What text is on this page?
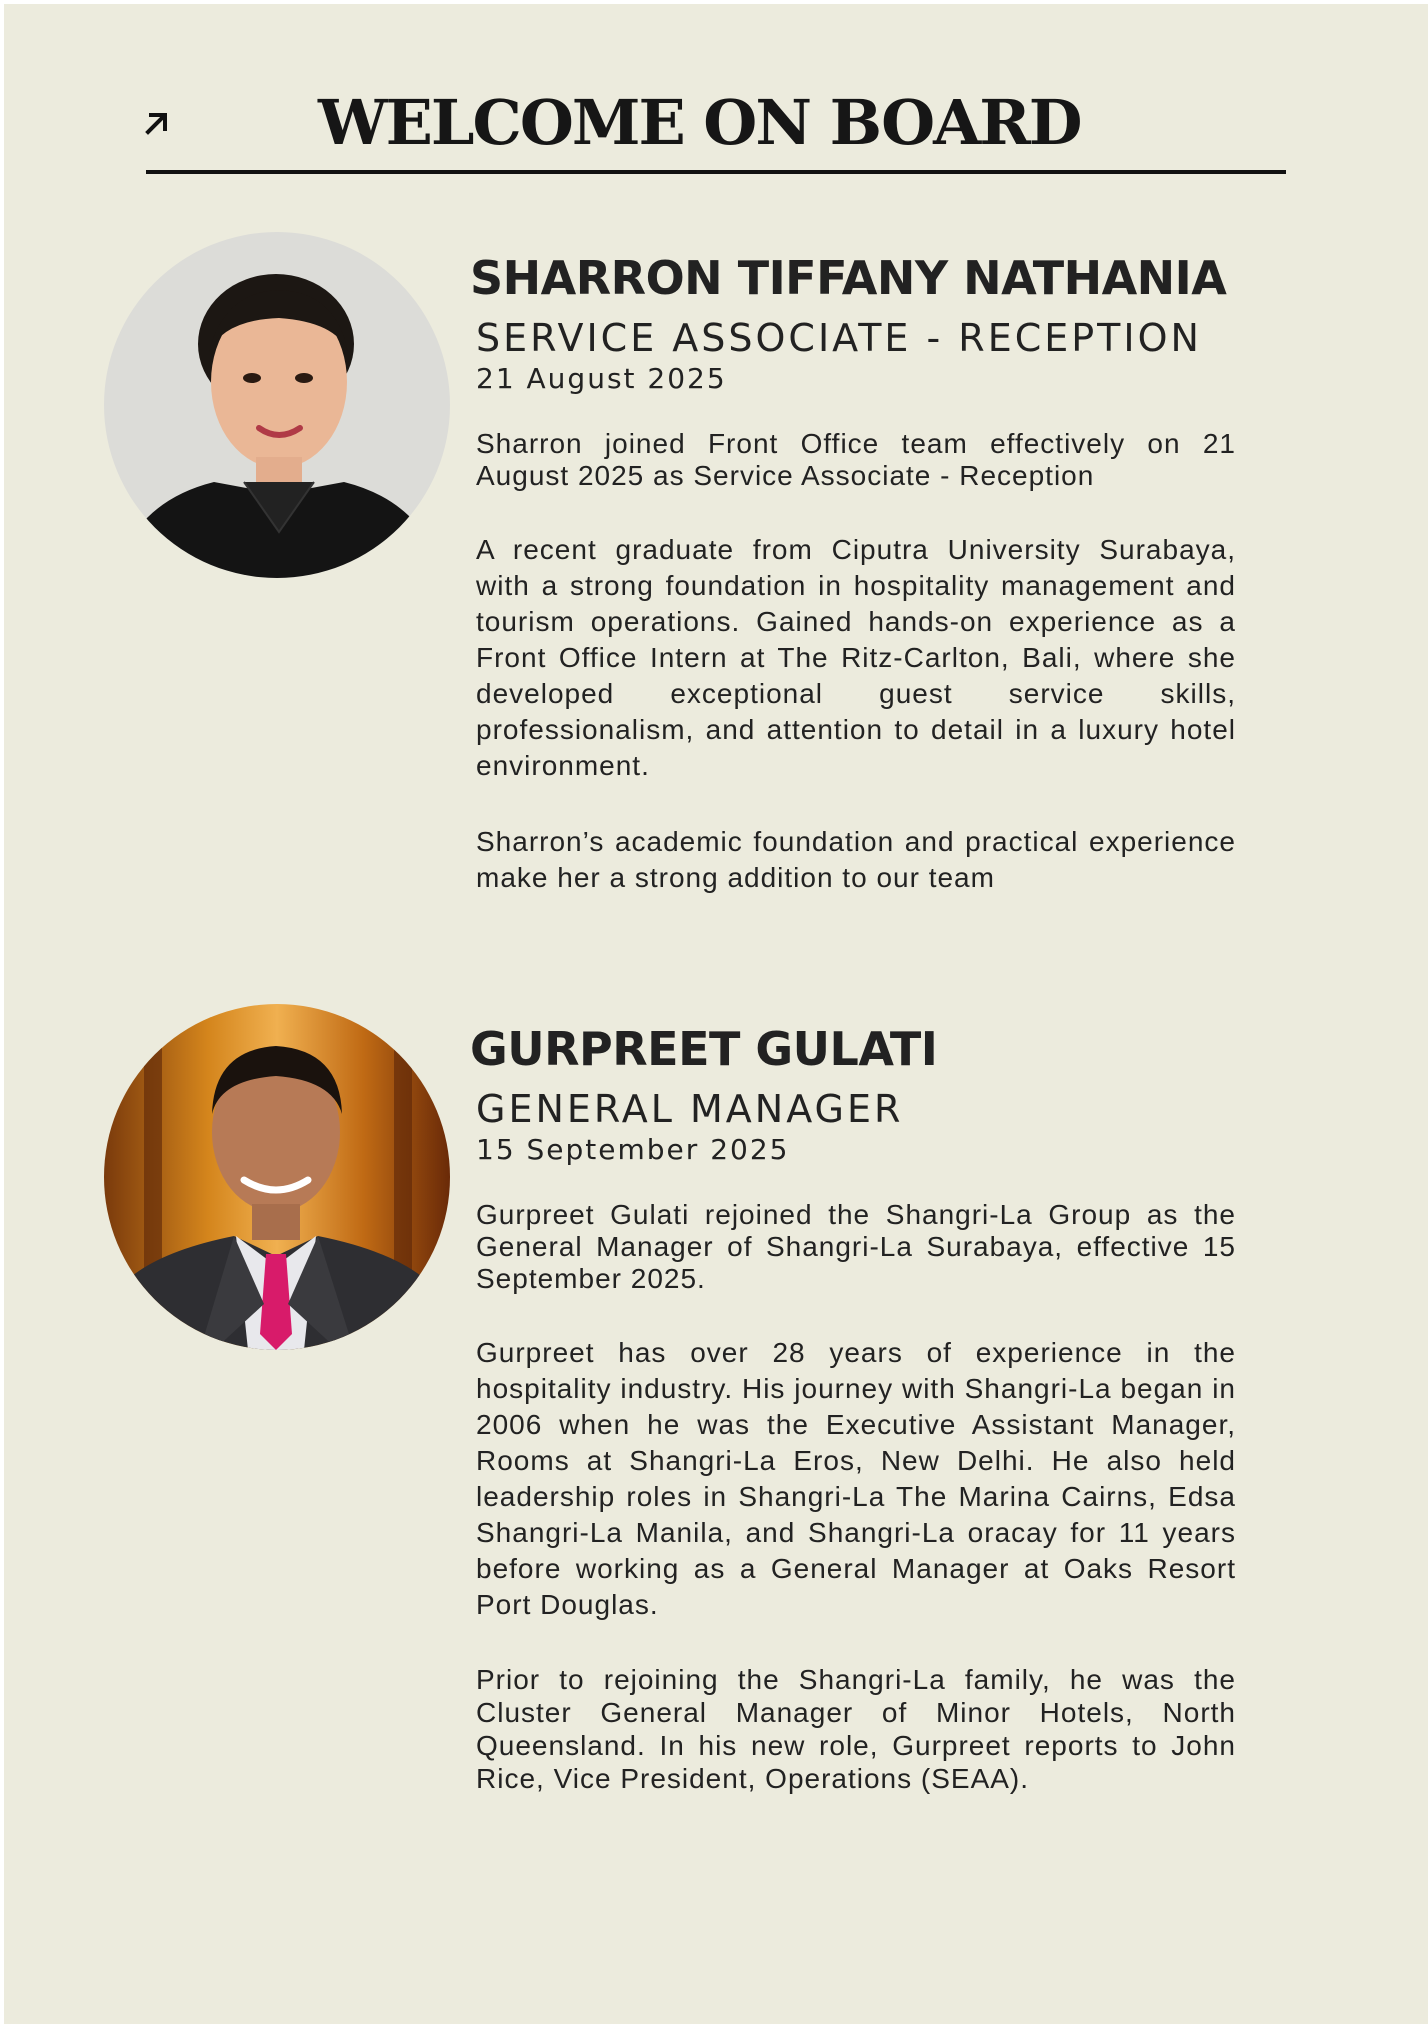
WELCOME ON BOARD
SHARRON TIFFANY NATHANIA
SERVICE ASSOCIATE - RECEPTION
21 August 2025
Sharron joined Front Office team effectively on 21 August 2025 as Service Associate - Reception
A recent graduate from Ciputra University Surabaya, with a strong foundation in hospitality management and tourism operations. Gained hands-on experience as a Front Office Intern at The Ritz-Carlton, Bali, where she developed exceptional guest service skills, professionalism, and attention to detail in a luxury hotel environment.
Sharron’s academic foundation and practical experience make her a strong addition to our team
GURPREET GULATI
GENERAL MANAGER
15 September 2025
Gurpreet Gulati rejoined the Shangri-La Group as the General Manager of Shangri-La Surabaya, effective 15 September 2025.
Gurpreet has over 28 years of experience in the hospitality industry. His journey with Shangri-La began in 2006 when he was the Executive Assistant Manager, Rooms at Shangri-La Eros, New Delhi. He also held leadership roles in Shangri-La The Marina Cairns, Edsa Shangri-La Manila, and Shangri-La oracay for 11 years before working as a General Manager at Oaks Resort Port Douglas.
Prior to rejoining the Shangri-La family, he was the Cluster General Manager of Minor Hotels, North Queensland. In his new role, Gurpreet reports to John Rice, Vice President, Operations (SEAA).
